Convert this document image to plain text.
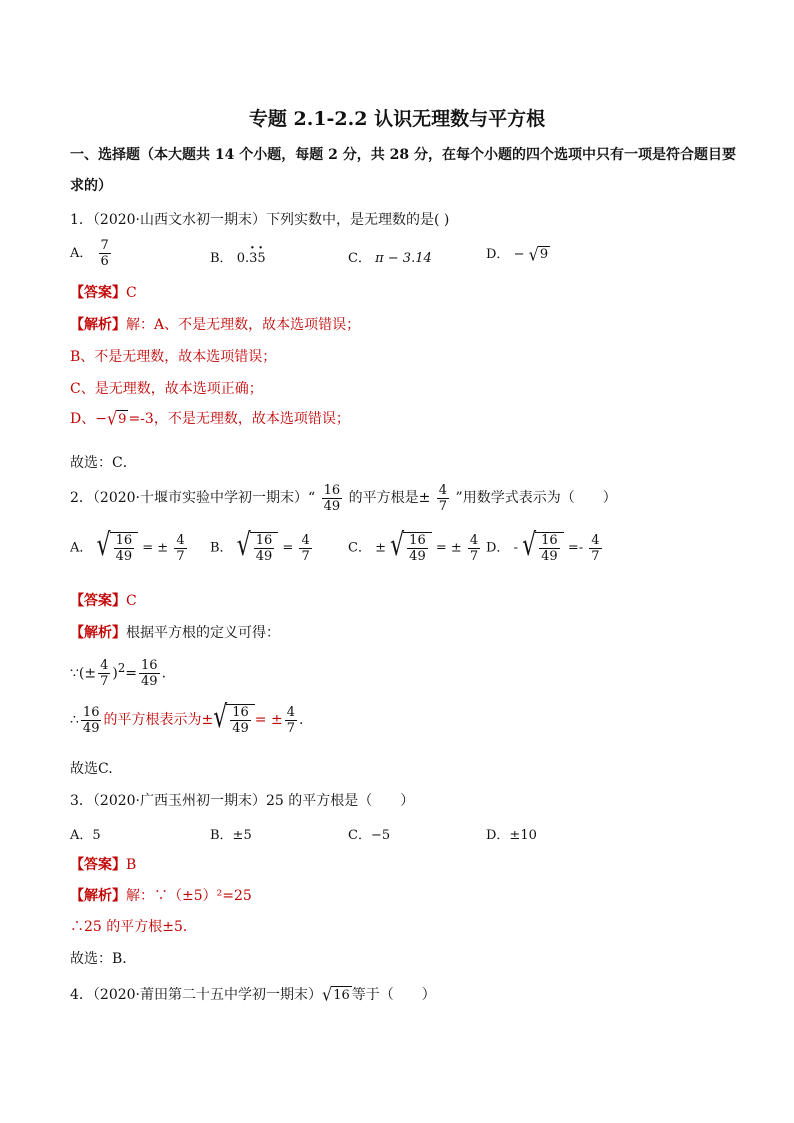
专题 2.1-2.2 认识无理数与平方根
一、选择题（本大题共 14 个小题，每题 2 分，共 28 分，在每个小题的四个选项中只有一项是符合题目要
求的）
1．（2020·山西文水初一期末）下列实数中，是无理数的是( )
A． $\frac{7}{6}$	B． 0.· 3· 5	C． π − 3.14	D． − √ 9
【答案】C
【解析】解：A、不是无理数，故本选项错误；
B、不是无理数，故本选项错误；
C、是无理数，故本选项正确；
D、− √ 9 =-3，不是无理数，故本选项错误；
故选：C．
2．（2020·十堰市实验中学初一期末）“ $\frac{16}{49}$ 的平方根是± $\frac{4}{7}$ ”用数学式表示为（　　）
A． √ $\frac{16}{49}$ = ± $\frac{4}{7}$ B． √ $\frac{16}{49} = \frac{4}{7}$	C． ± √ $\frac{16}{49}$ = ± $\frac{4}{7}$ D． - √ $\frac{16}{49} =- \frac{4}{7}$
【答案】C
【解析】根据平方根的定义可得：
∵(± $\frac{4}{7} )^2= \frac{16}{49}$ .
∴ $\frac{16}{49}$ 的平方根表示为± √ $\frac{16}{49}$ = ± $\frac{4}{7}$ .
故选C.
3．（2020·广西玉州初一期末）25 的平方根是（　　）
A．5	B．±5	C．−5	D．±10
【答案】B
【解析】解：∵（±5）²=25
∴25 的平方根±5．
故选：B．
4．（2020·莆田第二十五中学初一期末） √ 16 等于（　　）
